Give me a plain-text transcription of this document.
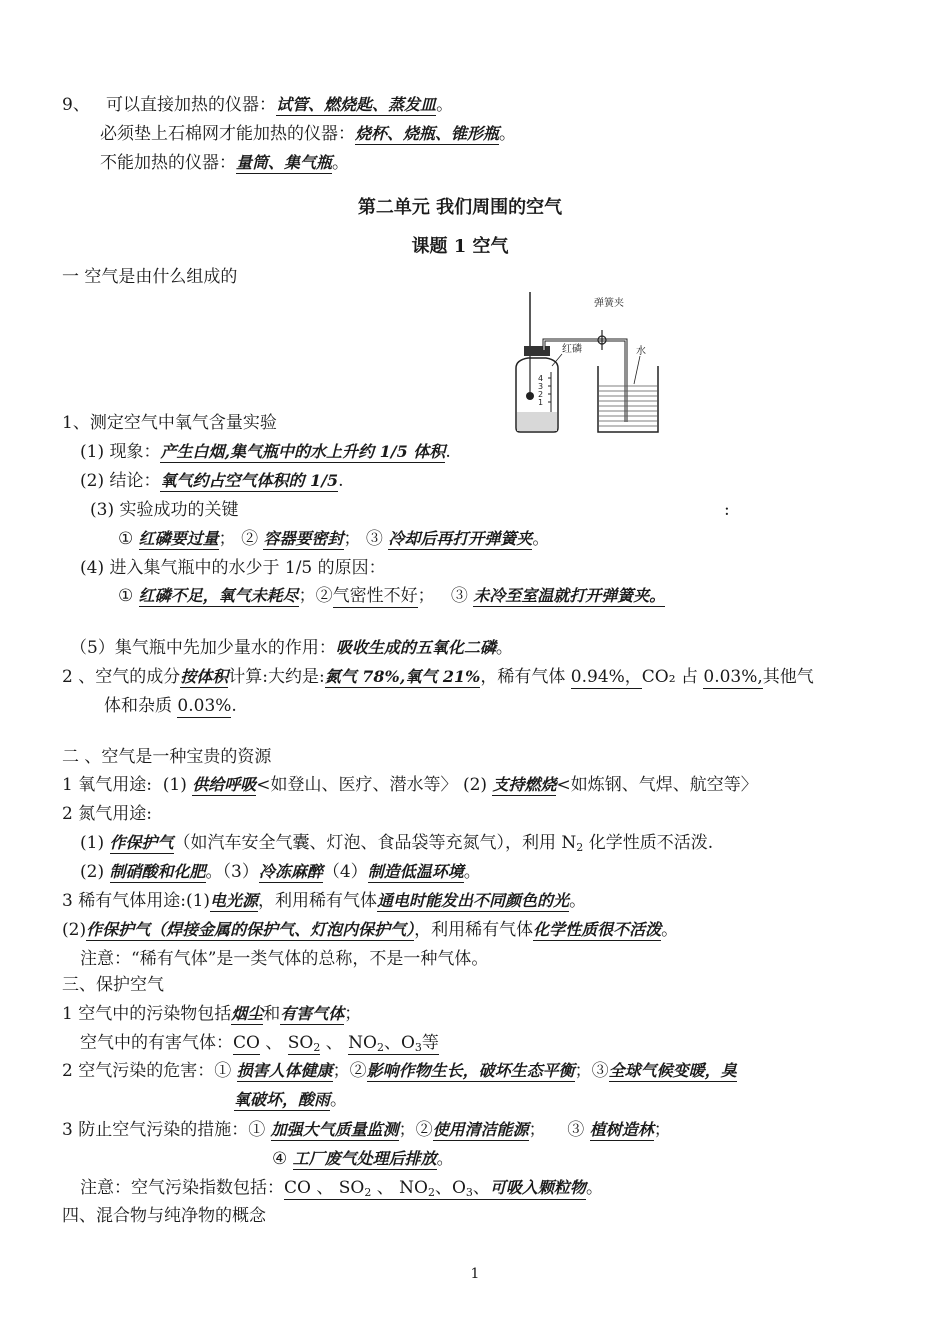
9、 可以直接加热的仪器：试管、燃烧匙、蒸发皿。
必须垫上石棉网才能加热的仪器：烧杯、烧瓶、锥形瓶。
不能加热的仪器：量筒、集气瓶。
第二单元 我们周围的空气
课题 1 空气
一 空气是由什么组成的
4
3
2
1
弹簧夹
红磷	水
1、测定空气中氧气含量实验
(1) 现象：产生白烟,集气瓶中的水上升约 1/5 体积.
(2) 结论：氧气约占空气体积的 1/5.
(3) 实验成功的关键	:
① 红磷要过量； ② 容器要密封； ③ 冷却后再打开弹簧夹。
(4) 进入集气瓶中的水少于 1/5 的原因：
① 红磷不足，氧气未耗尽；②气密性不好； ③ 未冷至室温就打开弹簧夹。
（5）集气瓶中先加少量水的作用：吸收生成的五氧化二磷。
2 、空气的成分按体积计算:大约是:氮气 78%,氧气 21%，稀有气体 0.94%，CO₂ 占 0.03%,其他气
体和杂质 0.03%.
二 、空气是一种宝贵的资源
1 氧气用途: (1) 供给呼吸<如登山、医疗、潜水等〉 (2) 支持燃烧<如炼钢、气焊、航空等〉
2 氮气用途:
(1) 作保护气（如汽车安全气囊、灯泡、食品袋等充氮气），利用 $N_2$ 化学性质不活泼.
(2) 制硝酸和化肥。（3）冷冻麻醉（4）制造低温环境。
3 稀有气体用途:(1)电光源，利用稀有气体通电时能发出不同颜色的光。
(2)作保护气（焊接金属的保护气、灯泡内保护气），利用稀有气体化学性质很不活泼。
注意：“稀有气体”是一类气体的总称，不是一种气体。
三、保护空气
1 空气中的污染物包括烟尘和有害气体；
空气中的有害气体：CO 、 $SO_2$ 、 $NO_2$、$O_3$等
2 空气污染的危害：① 损害人体健康；②影响作物生长，破坏生态平衡；③全球气候变暖，臭
氧破坏，酸雨。
3 防止空气污染的措施：① 加强大气质量监测；②使用清洁能源； ③ 植树造林；
④ 工厂废气处理后排放。
注意：空气污染指数包括：CO 、 $SO_2$ 、 $NO_2$、$O_3$、可吸入颗粒物。
四、混合物与纯净物的概念
1
